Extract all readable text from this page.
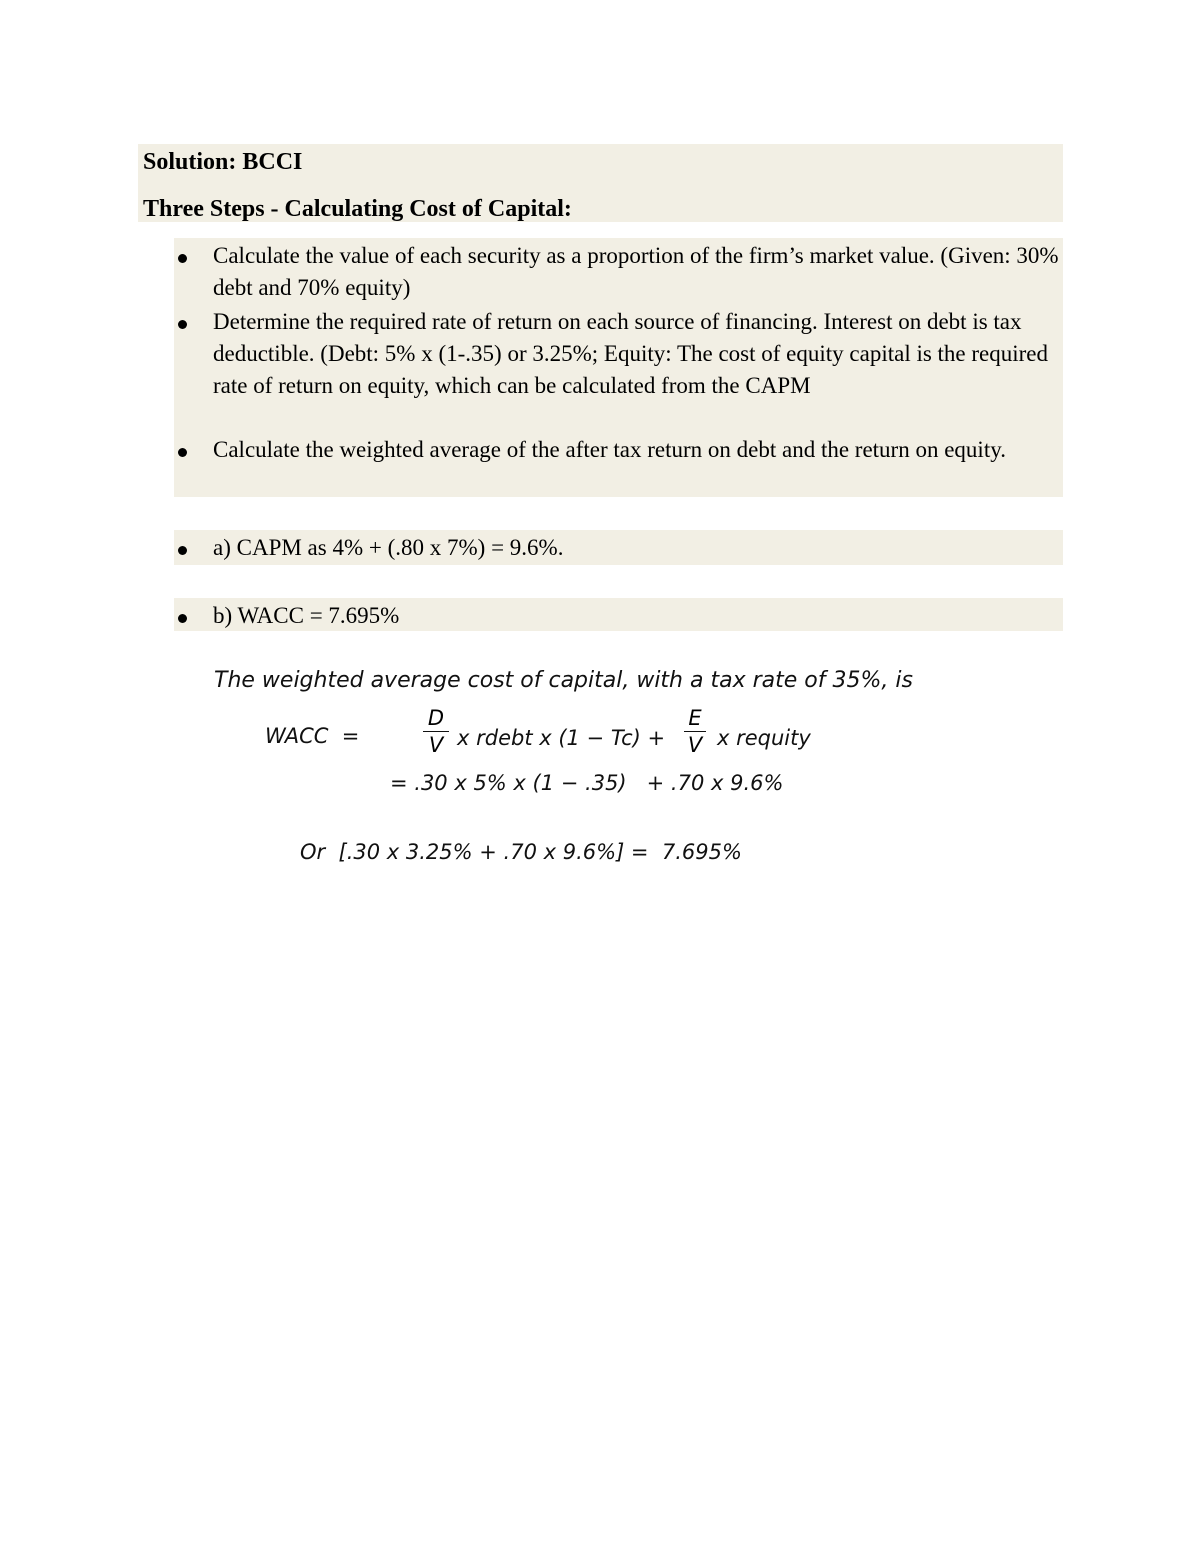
Solution: BCCI
Three Steps - Calculating Cost of Capital:
Calculate the value of each security as a proportion of the firm’s market value. (Given: 30% debt and 70% equity)
Determine the required rate of return on each source of financing. Interest on debt is tax deductible. (Debt: 5% x (1-.35) or 3.25%; Equity: The cost of equity capital is the required rate of return on equity, which can be calculated from the CAPM
Calculate the weighted average of the after tax return on debt and the return on equity.
a) CAPM as 4% + (.80 x 7%) = 9.6%.
b) WACC = 7.695%
The weighted average cost of capital, with a tax rate of 35%, is
WACC  =
D
V x rdebt x (1 − Tc) +
E
V x requity
= .30 x 5% x (1 − .35)   + .70 x 9.6%
Or  [.30 x 3.25% + .70 x 9.6%] =  7.695%
